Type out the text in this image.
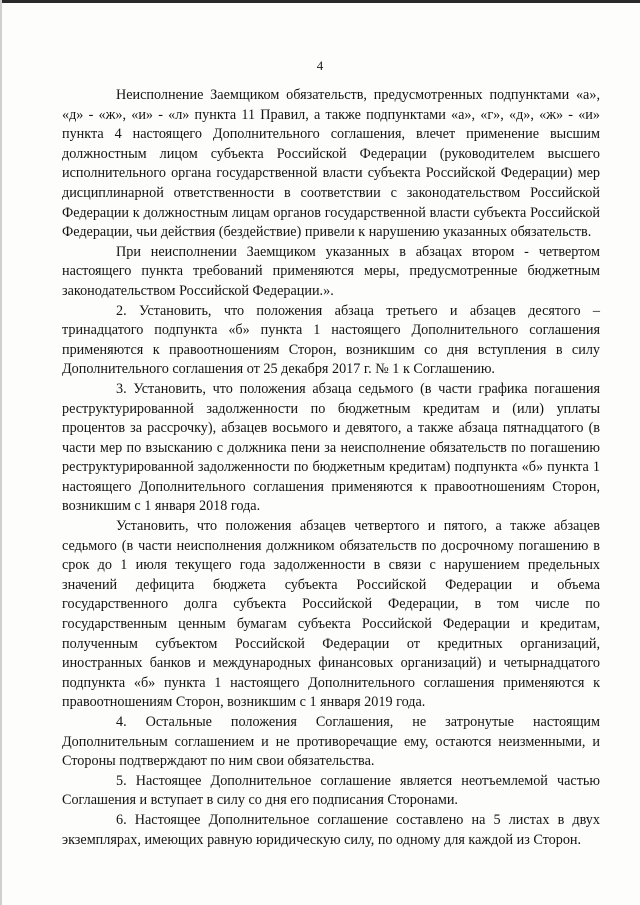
4

Неисполнение Заемщиком обязательств, предусмотренных подпунктами «а», «д» - «ж», «и» - «л» пункта 11 Правил, а также подпунктами «а», «г», «д», «ж» - «и» пункта 4 настоящего Дополнительного соглашения, влечет применение высшим должностным лицом субъекта Российской Федерации (руководителем высшего исполнительного органа государственной власти субъекта Российской Федерации) мер дисциплинарной ответственности в соответствии с законодательством Российской Федерации к должностным лицам органов государственной власти субъекта Российской Федерации, чьи действия (бездействие) привели к нарушению указанных обязательств.

При неисполнении Заемщиком указанных в абзацах втором - четвертом настоящего пункта требований применяются меры, предусмотренные бюджетным законодательством Российской Федерации.».

2. Установить, что положения абзаца третьего и абзацев десятого – тринадцатого подпункта «б» пункта 1 настоящего Дополнительного соглашения применяются к правоотношениям Сторон, возникшим со дня вступления в силу Дополнительного соглашения от 25 декабря 2017 г. № 1 к Соглашению.

3. Установить, что положения абзаца седьмого (в части графика погашения реструктурированной задолженности по бюджетным кредитам и (или) уплаты процентов за рассрочку), абзацев восьмого и девятого, а также абзаца пятнадцатого (в части мер по взысканию с должника пени за неисполнение обязательств по погашению реструктурированной задолженности по бюджетным кредитам) подпункта «б» пункта 1 настоящего Дополнительного соглашения применяются к правоотношениям Сторон, возникшим с 1 января 2018 года.

Установить, что положения абзацев четвертого и пятого, а также абзацев седьмого (в части неисполнения должником обязательств по досрочному погашению в срок до 1 июля текущего года задолженности в связи с нарушением предельных значений дефицита бюджета субъекта Российской Федерации и объема государственного долга субъекта Российской Федерации, в том числе по государственным ценным бумагам субъекта Российской Федерации и кредитам, полученным субъектом Российской Федерации от кредитных организаций, иностранных банков и международных финансовых организаций) и четырнадцатого подпункта «б» пункта 1 настоящего Дополнительного соглашения применяются к правоотношениям Сторон, возникшим с 1 января 2019 года.

4. Остальные положения Соглашения, не затронутые настоящим Дополнительным соглашением и не противоречащие ему, остаются неизменными, и Стороны подтверждают по ним свои обязательства.

5. Настоящее Дополнительное соглашение является неотъемлемой частью Соглашения и вступает в силу со дня его подписания Сторонами.

6. Настоящее Дополнительное соглашение составлено на 5 листах в двух экземплярах, имеющих равную юридическую силу, по одному для каждой из Сторон.
